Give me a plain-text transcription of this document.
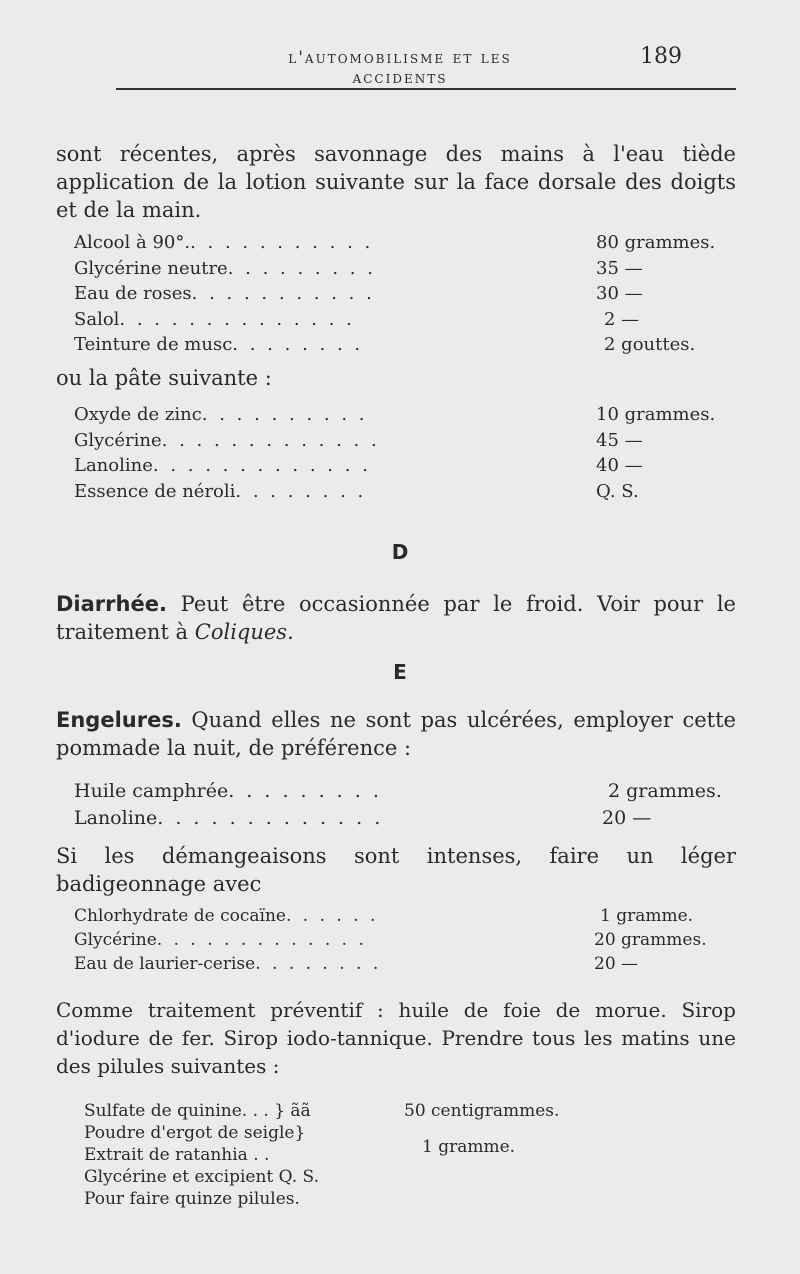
l'automobilisme et les accidents
189

sont récentes, après savonnage des mains à l'eau tiède application de la lotion suivante sur la face dorsale des doigts et de la main.

Alcool à 90°. . . . . . . . . . . .	80 grammes.
Glycérine neutre . . . . . . . . .	35 —
Eau de roses . . . . . . . . . . .	30 —
Salol . . . . . . . . . . . . . .	2 —
Teinture de musc . . . . . . . .	2 gouttes.

ou la pâte suivante :

Oxyde de zinc . . . . . . . . . .	10 grammes.
Glycérine . . . . . . . . . . . . .	45 —
Lanoline . . . . . . . . . . . . .	40 —
Essence de néroli . . . . . . . .	Q. S.
D

Diarrhée. Peut être occasionnée par le froid. Voir pour le traitement à Coliques.

E

Engelures. Quand elles ne sont pas ulcérées, employer cette pommade la nuit, de préférence :

Huile camphrée . . . . . . . . .	2 grammes.
Lanoline . . . . . . . . . . . . .	20 —

Si les démangeaisons sont intenses, faire un léger badigeonnage avec

Chlorhydrate de cocaïne . . . . . .	1 gramme.
Glycérine . . . . . . . . . . . . .	20 grammes.
Eau de laurier-cerise . . . . . . . .	20 —

Comme traitement préventif : huile de foie de morue. Sirop d'iodure de fer. Sirop iodo-tannique. Prendre tous les matins une des pilules suivantes :

Sulfate de quinine. . . } ãã	50 centigrammes.
Poudre d'ergot de seigle}
Extrait de ratanhia . .	1 gramme.
Glycérine et excipient Q. S.
Pour faire quinze pilules.
